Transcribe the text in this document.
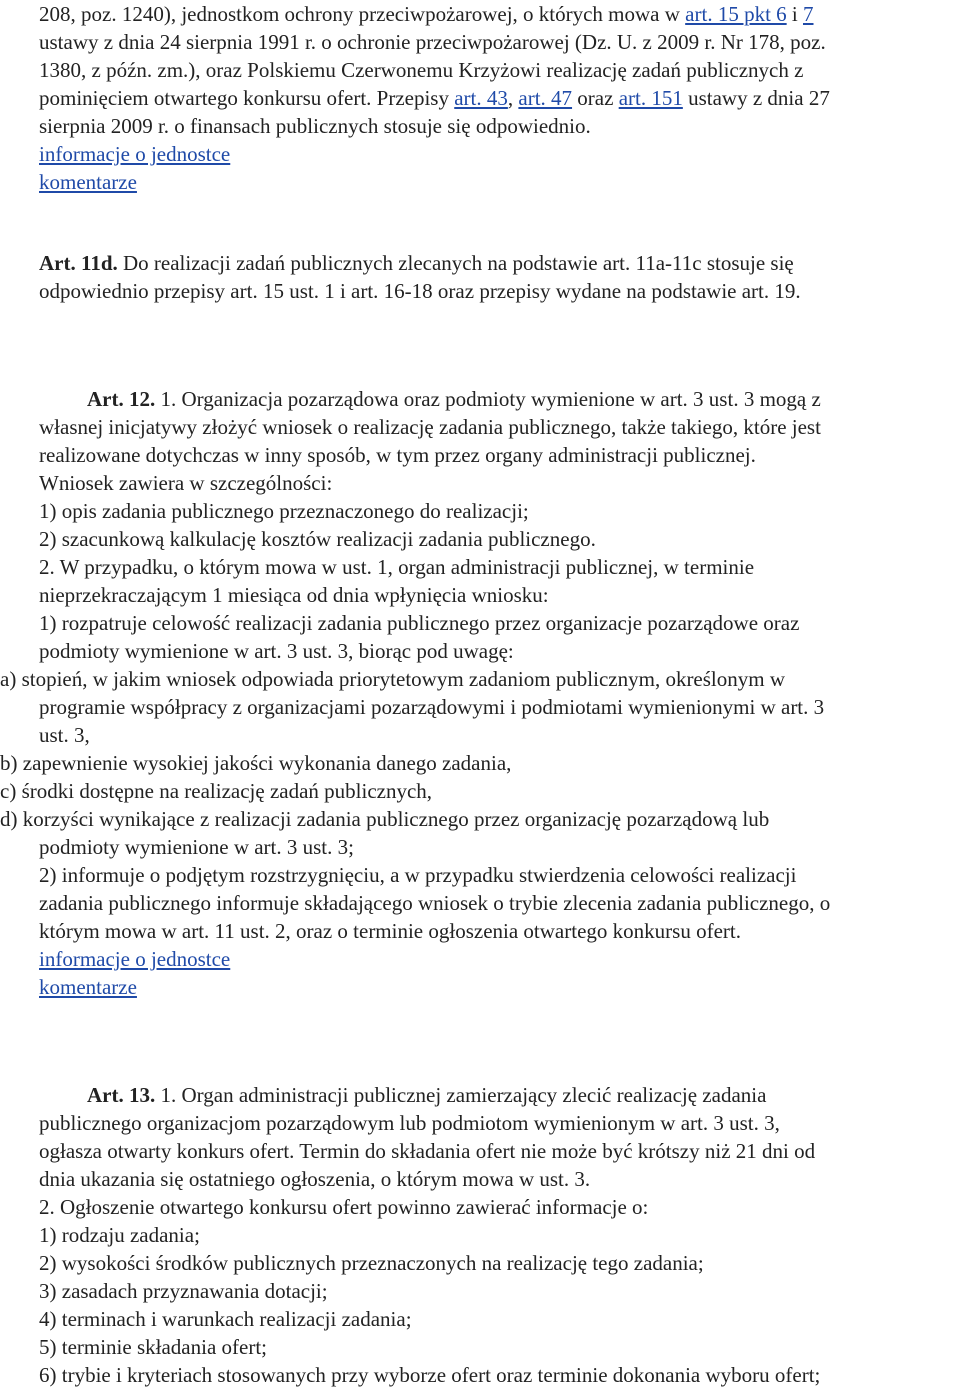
208, poz. 1240), jednostkom ochrony przeciwpożarowej, o których mowa w art. 15 pkt 6 i 7
ustawy z dnia 24 sierpnia 1991 r. o ochronie przeciwpożarowej (Dz. U. z 2009 r. Nr 178, poz.
1380, z późn. zm.), oraz Polskiemu Czerwonemu Krzyżowi realizację zadań publicznych z
pominięciem otwartego konkursu ofert. Przepisy art. 43, art. 47 oraz art. 151 ustawy z dnia 27
sierpnia 2009 r. o finansach publicznych stosuje się odpowiednio.
informacje o jednostce
komentarze
Art. 11d. Do realizacji zadań publicznych zlecanych na podstawie art. 11a-11c stosuje się
odpowiednio przepisy art. 15 ust. 1 i art. 16-18 oraz przepisy wydane na podstawie art. 19.
Art. 12. 1. Organizacja pozarządowa oraz podmioty wymienione w art. 3 ust. 3 mogą z
własnej inicjatywy złożyć wniosek o realizację zadania publicznego, także takiego, które jest
realizowane dotychczas w inny sposób, w tym przez organy administracji publicznej.
Wniosek zawiera w szczególności:
1) opis zadania publicznego przeznaczonego do realizacji;
2) szacunkową kalkulację kosztów realizacji zadania publicznego.
2. W przypadku, o którym mowa w ust. 1, organ administracji publicznej, w terminie
nieprzekraczającym 1 miesiąca od dnia wpłynięcia wniosku:
1) rozpatruje celowość realizacji zadania publicznego przez organizacje pozarządowe oraz
podmioty wymienione w art. 3 ust. 3, biorąc pod uwagę:
a) stopień, w jakim wniosek odpowiada priorytetowym zadaniom publicznym, określonym w
programie współpracy z organizacjami pozarządowymi i podmiotami wymienionymi w art. 3
ust. 3,
b) zapewnienie wysokiej jakości wykonania danego zadania,
c) środki dostępne na realizację zadań publicznych,
d) korzyści wynikające z realizacji zadania publicznego przez organizację pozarządową lub
podmioty wymienione w art. 3 ust. 3;
2) informuje o podjętym rozstrzygnięciu, a w przypadku stwierdzenia celowości realizacji
zadania publicznego informuje składającego wniosek o trybie zlecenia zadania publicznego, o
którym mowa w art. 11 ust. 2, oraz o terminie ogłoszenia otwartego konkursu ofert.
informacje o jednostce
komentarze
Art. 13. 1. Organ administracji publicznej zamierzający zlecić realizację zadania
publicznego organizacjom pozarządowym lub podmiotom wymienionym w art. 3 ust. 3,
ogłasza otwarty konkurs ofert. Termin do składania ofert nie może być krótszy niż 21 dni od
dnia ukazania się ostatniego ogłoszenia, o którym mowa w ust. 3.
2. Ogłoszenie otwartego konkursu ofert powinno zawierać informacje o:
1) rodzaju zadania;
2) wysokości środków publicznych przeznaczonych na realizację tego zadania;
3) zasadach przyznawania dotacji;
4) terminach i warunkach realizacji zadania;
5) terminie składania ofert;
6) trybie i kryteriach stosowanych przy wyborze ofert oraz terminie dokonania wyboru ofert;
